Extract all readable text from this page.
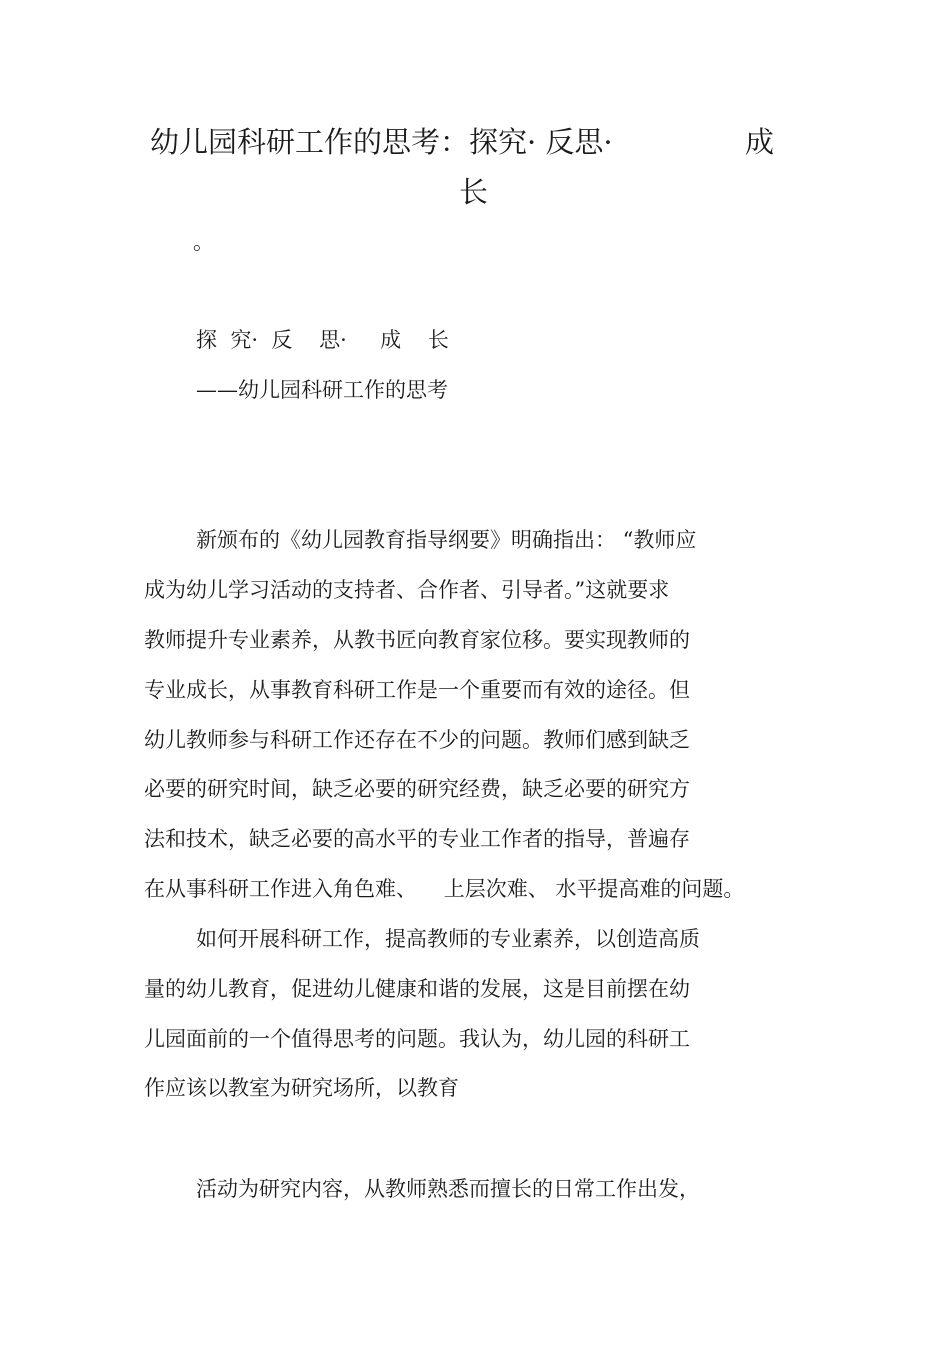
幼儿园科研工作的思考：探究· 反思·	成
长
。
探  究·  反    思·     成    长
——幼儿园科研工作的思考
新颁布的《幼儿园教育指导纲要》明确指出： “教师应
成为幼儿学习活动的支持者、合作者、引导者。”这就要求
教师提升专业素养，从教书匠向教育家位移。要实现教师的
专业成长，从事教育科研工作是一个重要而有效的途径。但
幼儿教师参与科研工作还存在不少的问题。教师们感到缺乏
必要的研究时间，缺乏必要的研究经费，缺乏必要的研究方
法和技术，缺乏必要的高水平的专业工作者的指导，普遍存
在从事科研工作进入角色难、    上层次难、 水平提高难的问题。
如何开展科研工作，提高教师的专业素养，以创造高质
量的幼儿教育，促进幼儿健康和谐的发展，这是目前摆在幼
儿园面前的一个值得思考的问题。我认为，幼儿园的科研工
作应该以教室为研究场所，以教育
活动为研究内容，从教师熟悉而擅长的日常工作出发，
